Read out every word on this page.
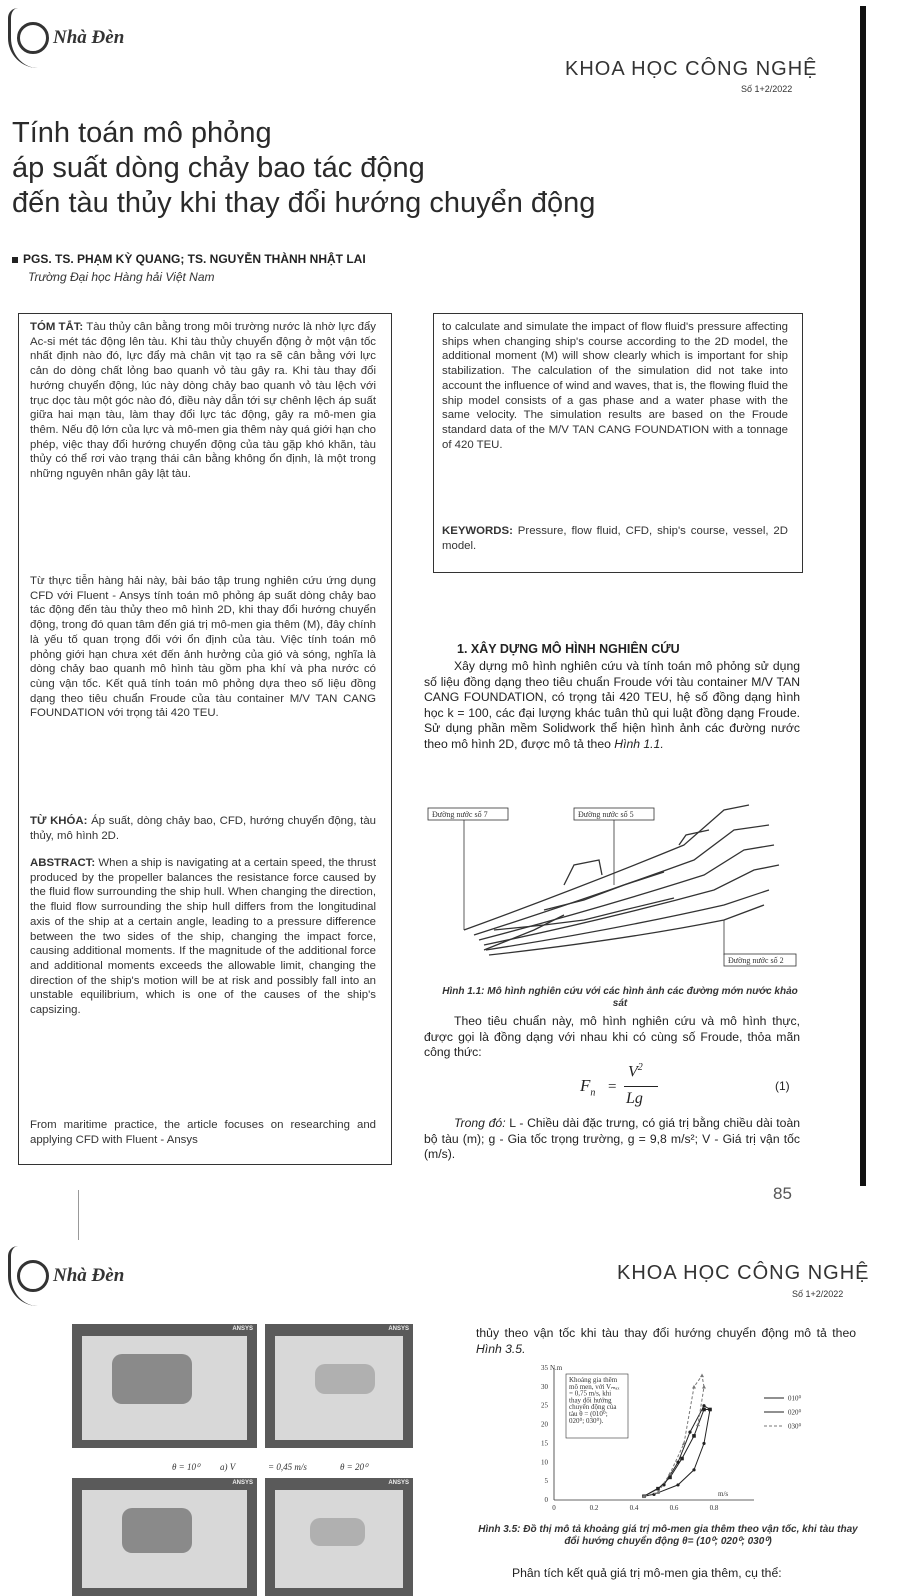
Nhà Đèn
KHOA HỌC CÔNG NGHỆ
Số 1+2/2022
Tính toán mô phỏng
áp suất dòng chảy bao tác động
đến tàu thủy khi thay đổi hướng chuyển động
PGS. TS. PHẠM KỲ QUANG; TS. NGUYỄN THÀNH NHẬT LAI
Trường Đại học Hàng hải Việt Nam
TÓM TẮT: Tàu thủy cân bằng trong môi trường nước là nhờ lực đẩy Ac-si mét tác động lên tàu. Khi tàu thủy chuyển động ở một vận tốc nhất định nào đó, lực đẩy mà chân vịt tạo ra sẽ cân bằng với lực cản do dòng chất lỏng bao quanh vỏ tàu gây ra. Khi tàu thay đổi hướng chuyển động, lúc này dòng chảy bao quanh vỏ tàu lệch với trục dọc tàu một góc nào đó, điều này dẫn tới sự chênh lệch áp suất giữa hai mạn tàu, làm thay đổi lực tác động, gây ra mô-men gia thêm. Nếu độ lớn của lực và mô-men gia thêm này quá giới hạn cho phép, việc thay đổi hướng chuyển động của tàu gặp khó khăn, tàu thủy có thể rơi vào trạng thái cân bằng không ổn định, là một trong những nguyên nhân gây lật tàu.
Từ thực tiễn hàng hải này, bài báo tập trung nghiên cứu ứng dụng CFD với Fluent - Ansys tính toán mô phỏng áp suất dòng chảy bao tác động đến tàu thủy theo mô hình 2D, khi thay đổi hướng chuyển động, trong đó quan tâm đến giá trị mô-men gia thêm (M), đây chính là yếu tố quan trọng đối với ổn định của tàu. Việc tính toán mô phỏng giới hạn chưa xét đến ảnh hưởng của gió và sóng, nghĩa là dòng chảy bao quanh mô hình tàu gồm pha khí và pha nước có cùng vận tốc. Kết quả tính toán mô phỏng dựa theo số liệu đồng dạng theo tiêu chuẩn Froude của tàu container M/V TAN CANG FOUNDATION với trọng tải 420 TEU.
TỪ KHÓA: Áp suất, dòng chảy bao, CFD, hướng chuyển động, tàu thủy, mô hình 2D.
ABSTRACT: When a ship is navigating at a certain speed, the thrust produced by the propeller balances the resistance force caused by the fluid flow surrounding the ship hull. When changing the direction, the fluid flow surrounding the ship hull differs from the longitudinal axis of the ship at a certain angle, leading to a pressure difference between the two sides of the ship, changing the impact force, causing additional moments. If the magnitude of the additional force and additional moments exceeds the allowable limit, changing the direction of the ship's motion will be at risk and possibly fall into an unstable equilibrium, which is one of the causes of the ship's capsizing.
From maritime practice, the article focuses on researching and applying CFD with Fluent - Ansys
to calculate and simulate the impact of flow fluid's pressure affecting ships when changing ship's course according to the 2D model, the additional moment (M) will show clearly which is important for ship stabilization. The calculation of the simulation did not take into account the influence of wind and waves, that is, the flowing fluid the ship model consists of a gas phase and a water phase with the same velocity. The simulation results are based on the Froude standard data of the M/V TAN CANG FOUNDATION with a tonnage of 420 TEU.
KEYWORDS: Pressure, flow fluid, CFD, ship's course, vessel, 2D model.
1. XÂY DỰNG MÔ HÌNH NGHIÊN CỨU
Xây dựng mô hình nghiên cứu và tính toán mô phỏng sử dụng số liệu đồng dạng theo tiêu chuẩn Froude với tàu container M/V TAN CANG FOUNDATION, có trọng tải 420 TEU, hệ số đồng dạng hình học k = 100, các đại lượng khác tuân thủ qui luật đồng dạng Froude. Sử dụng phần mềm Solidwork thể hiện hình ảnh các đường nước theo mô hình 2D, được mô tả theo Hình 1.1.
Đường nước số 7	Đường nước số 5
Đường nước số 2
Hình 1.1: Mô hình nghiên cứu với các hình ảnh các đường mớn nước khảo sát
Theo tiêu chuẩn này, mô hình nghiên cứu và mô hình thực, được gọi là đồng dạng với nhau khi có cùng số Froude, thỏa mãn công thức:
$F_n$ =
$V^2$
Lg
(1)
Trong đó: L - Chiều dài đặc trưng, có giá trị bằng chiều dài toàn bộ tàu (m); g - Gia tốc trọng trường, g = 9,8 m/s²; V - Giá trị vận tốc (m/s).
85
Nhà Đèn	KHOA HỌC CÔNG NGHỆ
Số 1+2/2022
ANSYS	ANSYS
θ = 10⁰ a) V	= 0,45 m/s	θ = 20⁰
ANSYS	ANSYS
thủy theo vận tốc khi tàu thay đổi hướng chuyển động mô tả theo Hình 3.5.
0
5
10
15
20
25
30
35
0	0.2	0.4	0.6	0.8
N.m
m/s
Khoảng gia thêm
mô men, với Vₘₐₓ
= 0,75 m/s, khi
thay đổi hướng
chuyển động của
tàu θ = (010⁰;
020⁰; 030⁰).
010⁰
020⁰
030⁰
Hình 3.5: Đồ thị mô tả khoảng giá trị mô-men gia thêm theo vận tốc, khi tàu thay đổi hướng chuyển động θ= (10⁰; 020⁰; 030⁰)
Phân tích kết quả giá trị mô-men gia thêm, cụ thể:
